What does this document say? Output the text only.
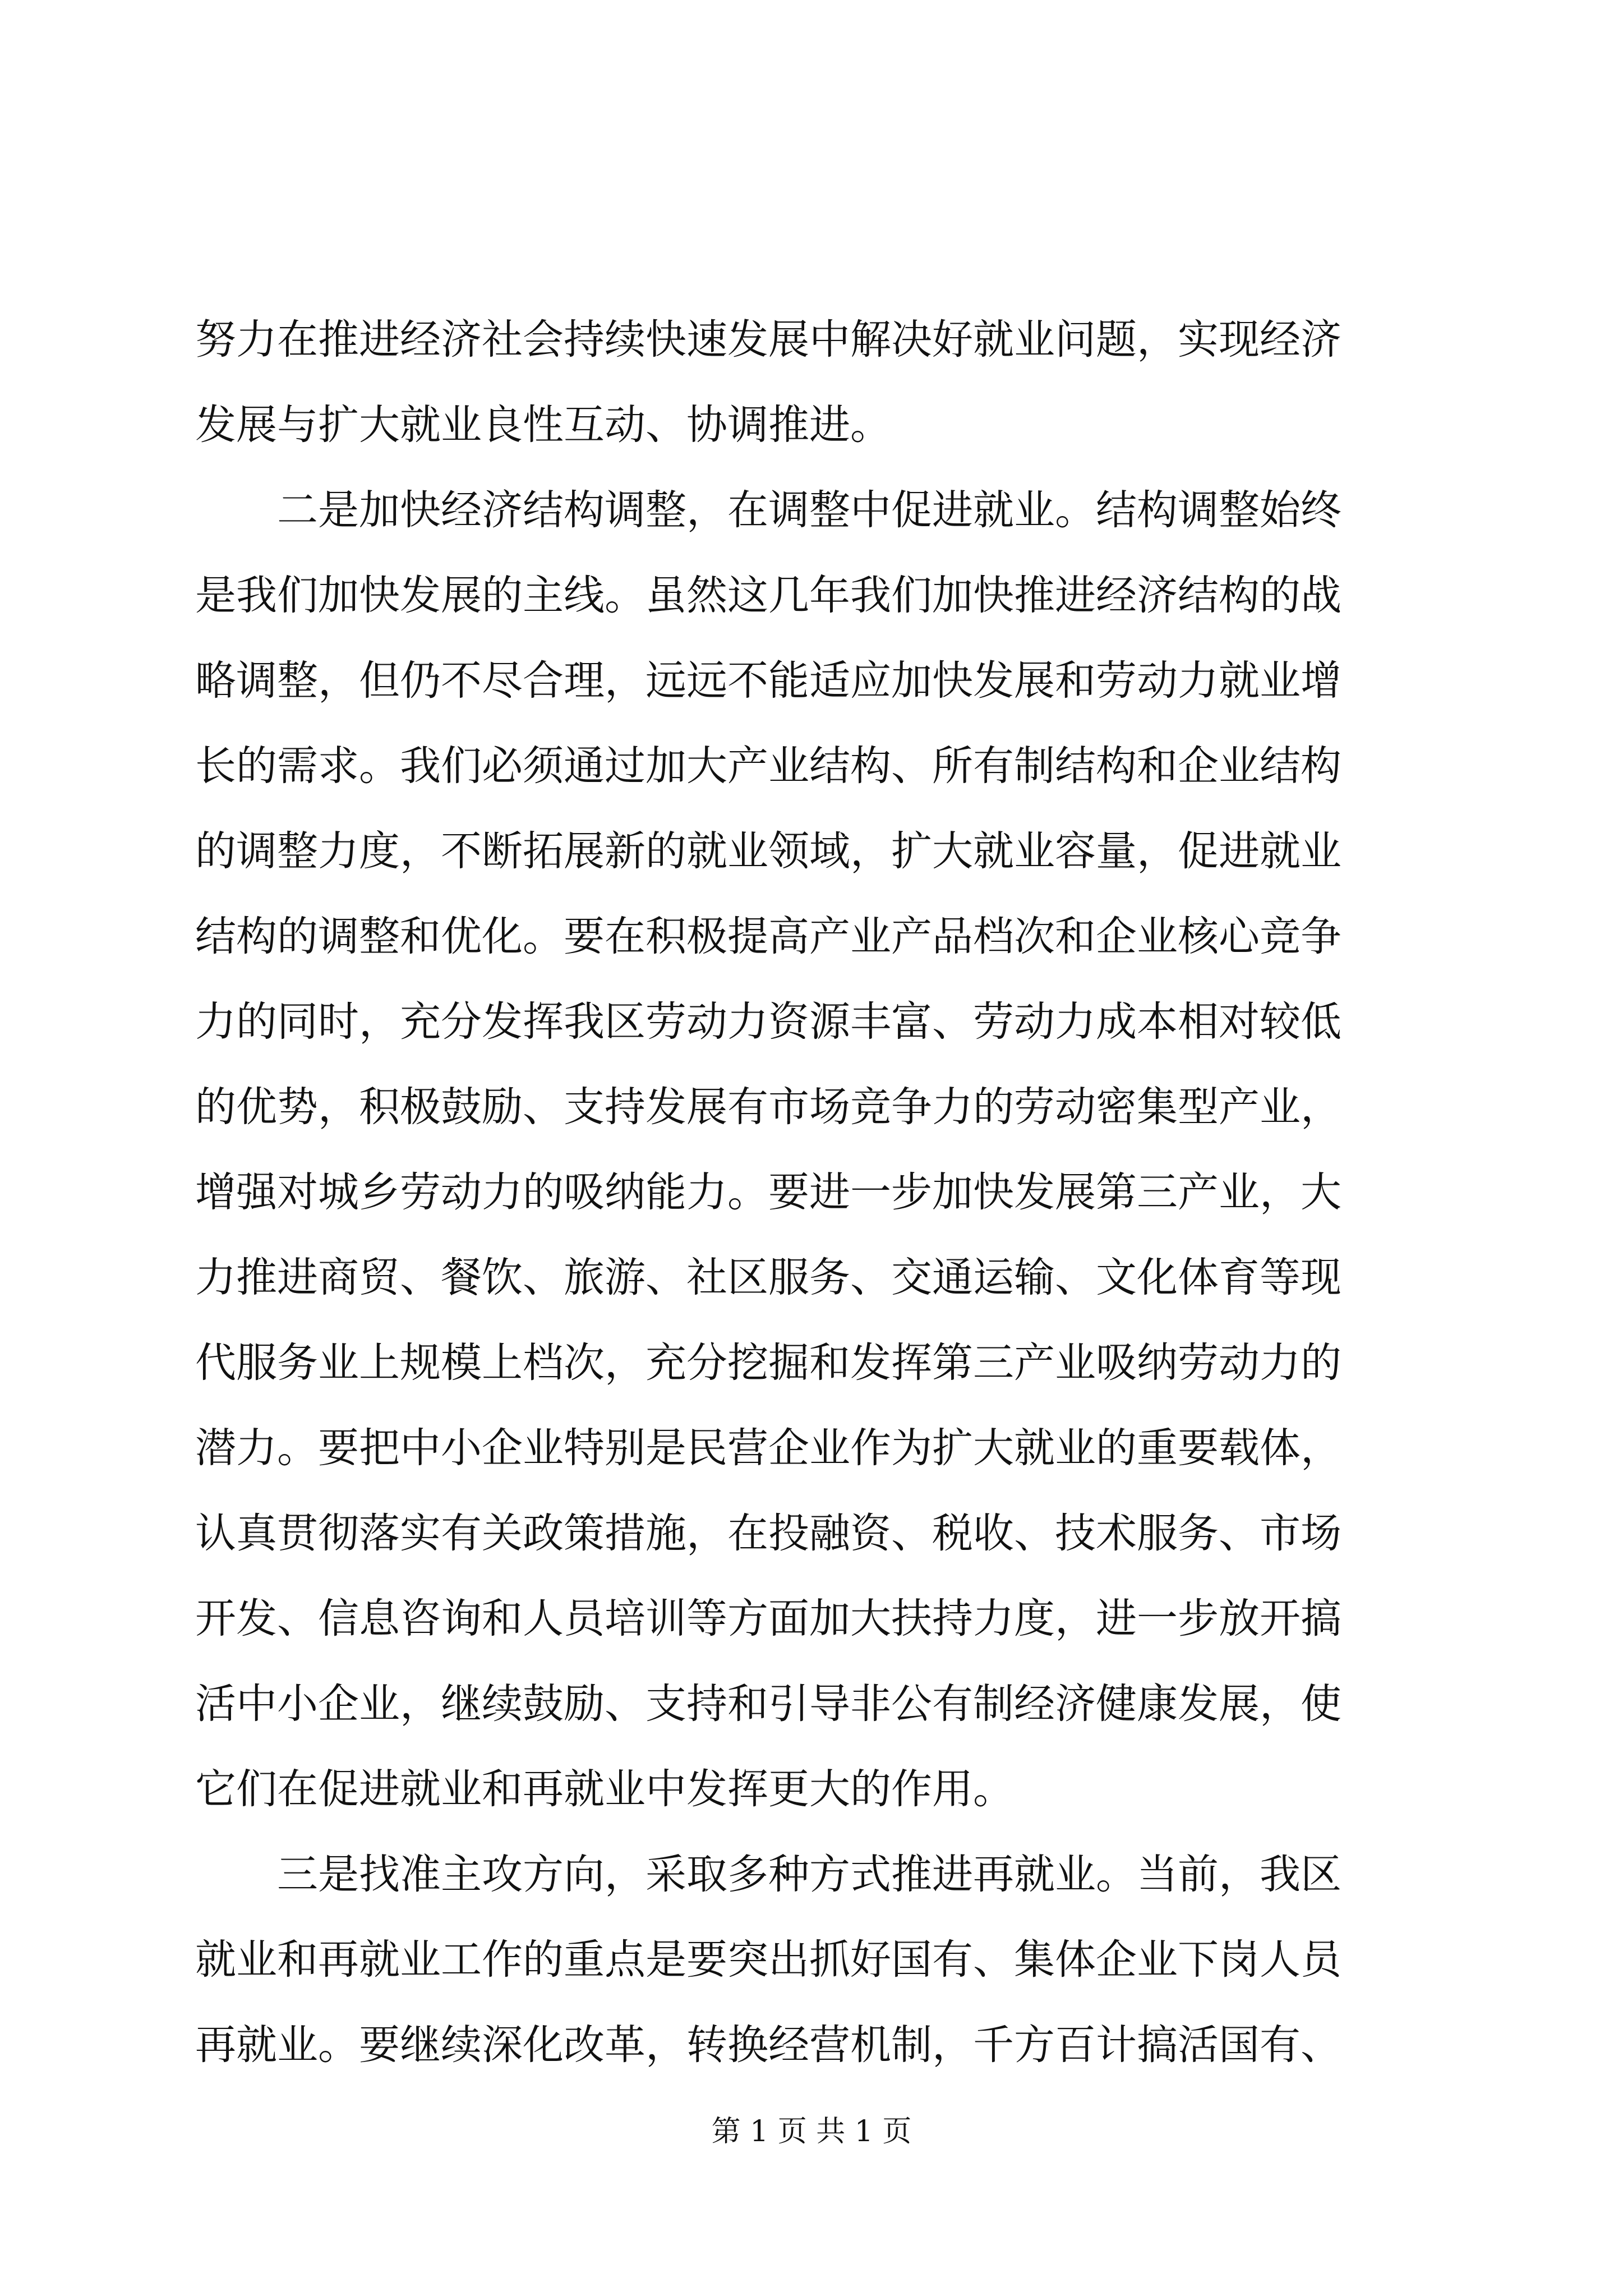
努力在推进经济社会持续快速发展中解决好就业问题，实现经济
发展与扩大就业良性互动、协调推进。
　　二是加快经济结构调整，在调整中促进就业。结构调整始终
是我们加快发展的主线。虽然这几年我们加快推进经济结构的战
略调整，但仍不尽合理，远远不能适应加快发展和劳动力就业增
长的需求。我们必须通过加大产业结构、所有制结构和企业结构
的调整力度，不断拓展新的就业领域，扩大就业容量，促进就业
结构的调整和优化。要在积极提高产业产品档次和企业核心竞争
力的同时，充分发挥我区劳动力资源丰富、劳动力成本相对较低
的优势，积极鼓励、支持发展有市场竞争力的劳动密集型产业，
增强对城乡劳动力的吸纳能力。要进一步加快发展第三产业，大
力推进商贸、餐饮、旅游、社区服务、交通运输、文化体育等现
代服务业上规模上档次，充分挖掘和发挥第三产业吸纳劳动力的
潜力。要把中小企业特别是民营企业作为扩大就业的重要载体，
认真贯彻落实有关政策措施，在投融资、税收、技术服务、市场
开发、信息咨询和人员培训等方面加大扶持力度，进一步放开搞
活中小企业，继续鼓励、支持和引导非公有制经济健康发展，使
它们在促进就业和再就业中发挥更大的作用。
　　三是找准主攻方向，采取多种方式推进再就业。当前，我区
就业和再就业工作的重点是要突出抓好国有、集体企业下岗人员
再就业。要继续深化改革，转换经营机制，千方百计搞活国有、
第 1 页 共 1 页
